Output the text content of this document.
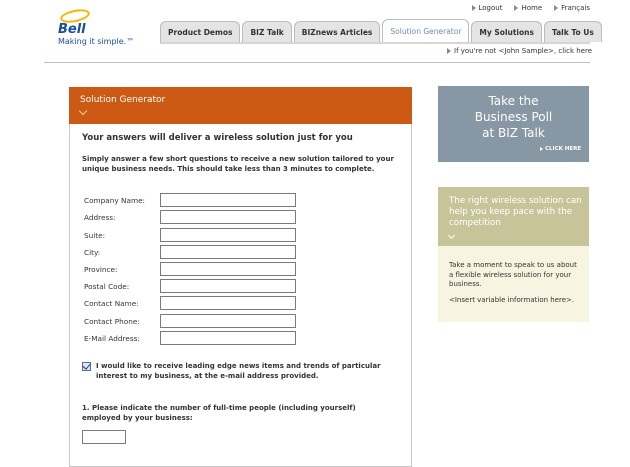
Bell
Making it simple.™
Logout	Home	Français
Product Demos	BIZ Talk	BIZnews Articles	Solution Generator	My Solutions	Talk To Us
If you're not <John Sample>, click here
Solution Generator
Your answers will deliver a wireless solution just for you
Simply answer a few short questions to receive a new solution tailored to your unique business needs. This should take less than 3 minutes to complete.
Company Name:
Address:
Suite:
City:
Province:
Postal Code:
Contact Name:
Contact Phone:
E-Mail Address:
I would like to receive leading edge news items and trends of particular interest to my business, at the e-mail address provided.
1. Please indicate the number of full-time people (including yourself) employed by your business:
Take the
Business Poll
at BIZ Talk
CLICK HERE
The right wireless solution can help you keep pace with the competition
Take a moment to speak to us about a flexible wireless solution for your business.
<Insert variable information here>.
